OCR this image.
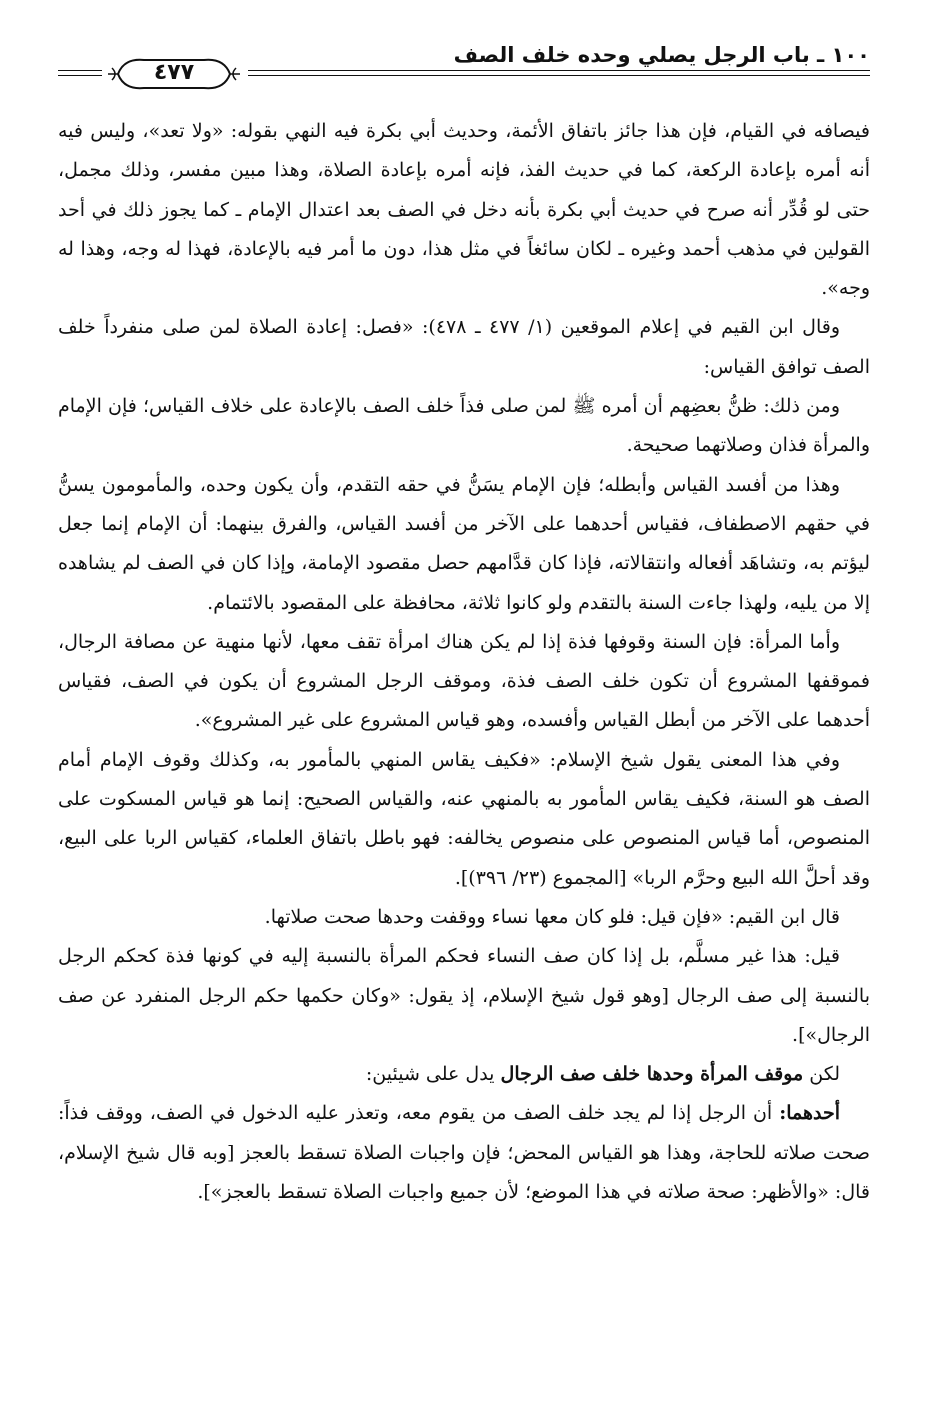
١٠٠ ـ باب الرجل يصلي وحده خلف الصف
٤٧٧

فيصافه في القيام، فإن هذا جائز باتفاق الأئمة، وحديث أبي بكرة فيه النهي بقوله: «ولا تعد»، وليس فيه أنه أمره بإعادة الركعة، كما في حديث الفذ، فإنه أمره بإعادة الصلاة، وهذا مبين مفسر، وذلك مجمل، حتى لو قُدِّر أنه صرح في حديث أبي بكرة بأنه دخل في الصف بعد اعتدال الإمام ـ كما يجوز ذلك في أحد القولين في مذهب أحمد وغيره ـ لكان سائغاً في مثل هذا، دون ما أمر فيه بالإعادة، فهذا له وجه، وهذا له وجه».

وقال ابن القيم في إعلام الموقعين (١/ ٤٧٧ ـ ٤٧٨): «فصل: إعادة الصلاة لمن صلى منفرداً خلف الصف توافق القياس:

ومن ذلك: ظنُّ بعضِهم أن أمره ﷺ لمن صلى فذاً خلف الصف بالإعادة على خلاف القياس؛ فإن الإمام والمرأة فذان وصلاتهما صحيحة.

وهذا من أفسد القياس وأبطله؛ فإن الإمام يسَنُّ في حقه التقدم، وأن يكون وحده، والمأمومون يسنُّ في حقهم الاصطفاف، فقياس أحدهما على الآخر من أفسد القياس، والفرق بينهما: أن الإمام إنما جعل ليؤتم به، وتشاهَد أفعاله وانتقالاته، فإذا كان قدَّامهم حصل مقصود الإمامة، وإذا كان في الصف لم يشاهده إلا من يليه، ولهذا جاءت السنة بالتقدم ولو كانوا ثلاثة، محافظة على المقصود بالائتمام.

وأما المرأة: فإن السنة وقوفها فذة إذا لم يكن هناك امرأة تقف معها، لأنها منهية عن مصافة الرجال، فموقفها المشروع أن تكون خلف الصف فذة، وموقف الرجل المشروع أن يكون في الصف، فقياس أحدهما على الآخر من أبطل القياس وأفسده، وهو قياس المشروع على غير المشروع».

وفي هذا المعنى يقول شيخ الإسلام: «فكيف يقاس المنهي بالمأمور به، وكذلك وقوف الإمام أمام الصف هو السنة، فكيف يقاس المأمور به بالمنهي عنه، والقياس الصحيح: إنما هو قياس المسكوت على المنصوص، أما قياس المنصوص على منصوص يخالفه: فهو باطل باتفاق العلماء، كقياس الربا على البيع، وقد أحلَّ الله البيع وحرَّم الربا» [المجموع (٢٣/ ٣٩٦)].

قال ابن القيم: «فإن قيل: فلو كان معها نساء ووقفت وحدها صحت صلاتها.

قيل: هذا غير مسلَّم، بل إذا كان صف النساء فحكم المرأة بالنسبة إليه في كونها فذة كحكم الرجل بالنسبة إلى صف الرجال [وهو قول شيخ الإسلام، إذ يقول: «وكان حكمها حكم الرجل المنفرد عن صف الرجال»].

لكن موقف المرأة وحدها خلف صف الرجال يدل على شيئين:

أحدهما: أن الرجل إذا لم يجد خلف الصف من يقوم معه، وتعذر عليه الدخول في الصف، ووقف فذاً: صحت صلاته للحاجة، وهذا هو القياس المحض؛ فإن واجبات الصلاة تسقط بالعجز [وبه قال شيخ الإسلام، قال: «والأظهر: صحة صلاته في هذا الموضع؛ لأن جميع واجبات الصلاة تسقط بالعجز»].
